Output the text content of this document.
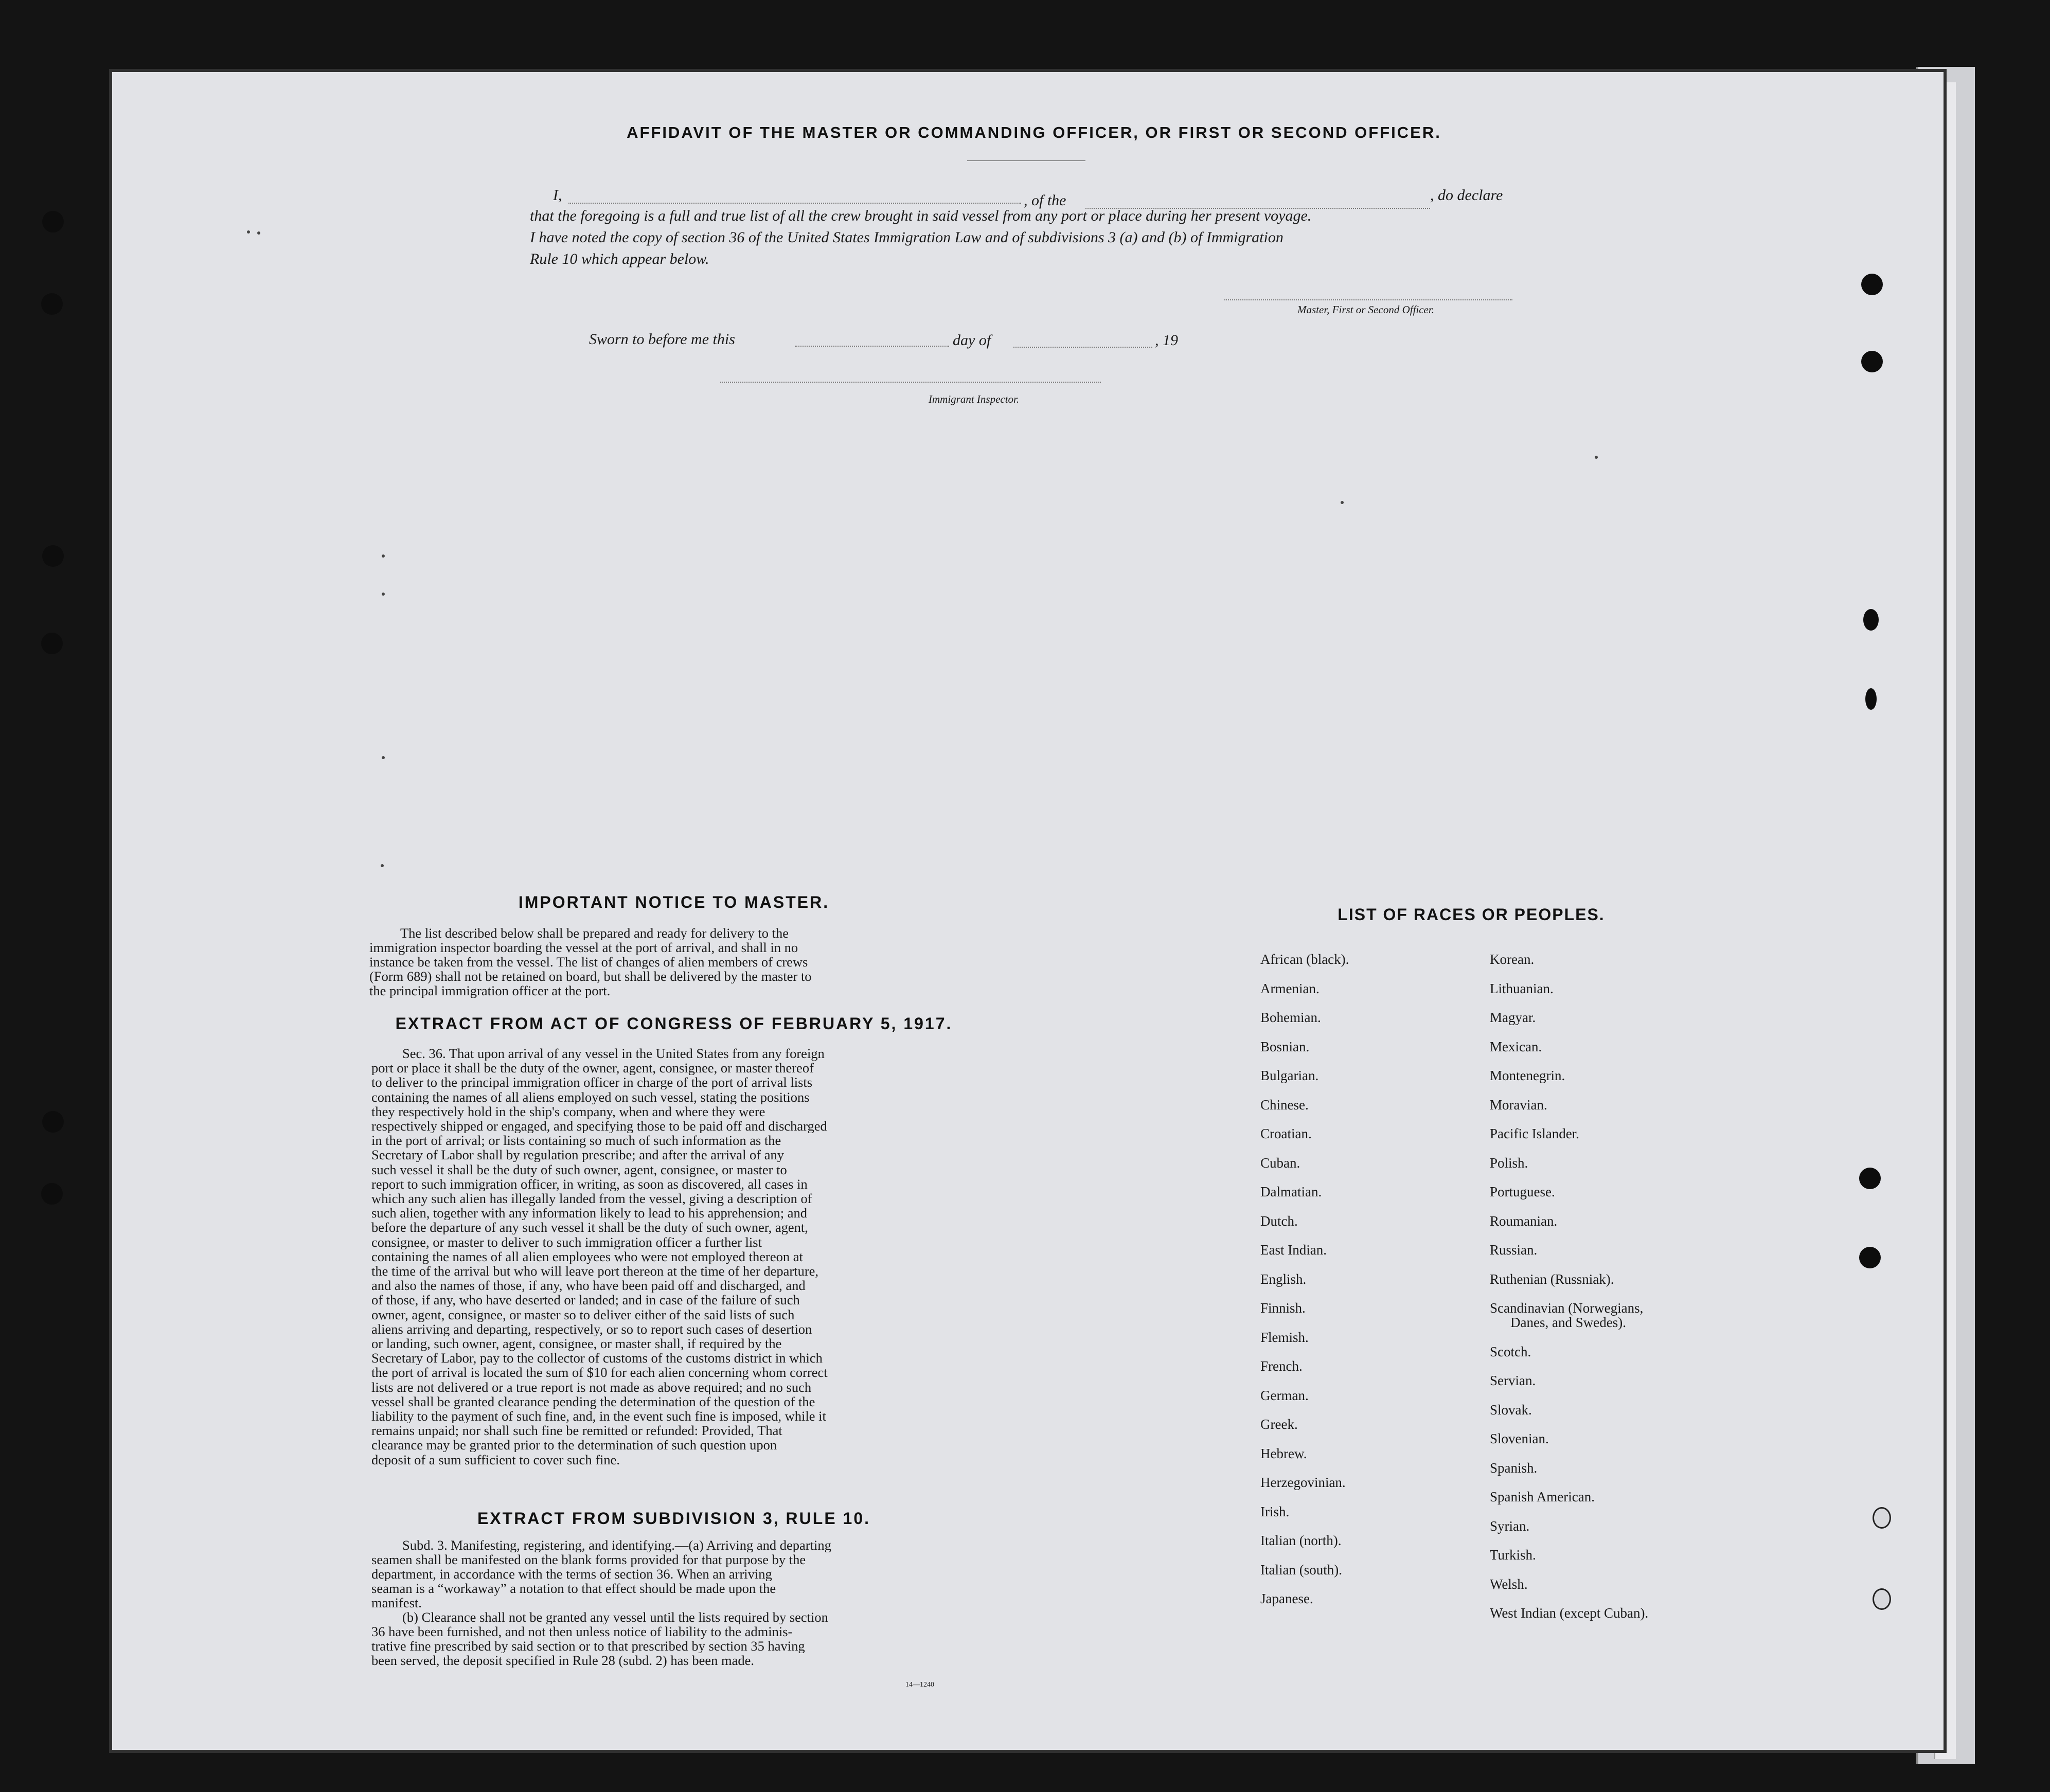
AFFIDAVIT OF THE MASTER OR COMMANDING OFFICER, OR FIRST OR SECOND OFFICER.
I,	, of the	, do declare
that the foregoing is a full and true list of all the crew brought in said vessel from any port or place during her present voyage.
I have noted the copy of section 36 of the United States Immigration Law and of subdivisions 3 (a) and (b) of Immigration
Rule 10 which appear below.
Master, First or Second Officer.
Sworn to before me this	day of	, 19
Immigrant Inspector.
IMPORTANT NOTICE TO MASTER.
The list described below shall be prepared and ready for delivery to the
immigration inspector boarding the vessel at the port of arrival, and shall in no
instance be taken from the vessel. The list of changes of alien members of crews
(Form 689) shall not be retained on board, but shall be delivered by the master to
the principal immigration officer at the port.
EXTRACT FROM ACT OF CONGRESS OF FEBRUARY 5, 1917.
Sec. 36. That upon arrival of any vessel in the United States from any foreign
port or place it shall be the duty of the owner, agent, consignee, or master thereof
to deliver to the principal immigration officer in charge of the port of arrival lists
containing the names of all aliens employed on such vessel, stating the positions
they respectively hold in the ship's company, when and where they were
respectively shipped or engaged, and specifying those to be paid off and discharged
in the port of arrival; or lists containing so much of such information as the
Secretary of Labor shall by regulation prescribe; and after the arrival of any
such vessel it shall be the duty of such owner, agent, consignee, or master to
report to such immigration officer, in writing, as soon as discovered, all cases in
which any such alien has illegally landed from the vessel, giving a description of
such alien, together with any information likely to lead to his apprehension; and
before the departure of any such vessel it shall be the duty of such owner, agent,
consignee, or master to deliver to such immigration officer a further list
containing the names of all alien employees who were not employed thereon at
the time of the arrival but who will leave port thereon at the time of her departure,
and also the names of those, if any, who have been paid off and discharged, and
of those, if any, who have deserted or landed; and in case of the failure of such
owner, agent, consignee, or master so to deliver either of the said lists of such
aliens arriving and departing, respectively, or so to report such cases of desertion
or landing, such owner, agent, consignee, or master shall, if required by the
Secretary of Labor, pay to the collector of customs of the customs district in which
the port of arrival is located the sum of $10 for each alien concerning whom correct
lists are not delivered or a true report is not made as above required; and no such
vessel shall be granted clearance pending the determination of the question of the
liability to the payment of such fine, and, in the event such fine is imposed, while it
remains unpaid; nor shall such fine be remitted or refunded: Provided, That
clearance may be granted prior to the determination of such question upon
deposit of a sum sufficient to cover such fine.
EXTRACT FROM SUBDIVISION 3, RULE 10.
Subd. 3. Manifesting, registering, and identifying.—(a) Arriving and departing
seamen shall be manifested on the blank forms provided for that purpose by the
department, in accordance with the terms of section 36. When an arriving
seaman is a “workaway” a notation to that effect should be made upon the
manifest.
(b) Clearance shall not be granted any vessel until the lists required by section
36 have been furnished, and not then unless notice of liability to the adminis-
trative fine prescribed by said section or to that prescribed by section 35 having
been served, the deposit specified in Rule 28 (subd. 2) has been made.
14—1240
LIST OF RACES OR PEOPLES.
African (black).
Armenian.
Bohemian.
Bosnian.
Bulgarian.
Chinese.
Croatian.
Cuban.
Dalmatian.
Dutch.
East Indian.
English.
Finnish.
Flemish.
French.
German.
Greek.
Hebrew.
Herzegovinian.
Irish.
Italian (north).
Italian (south).
Japanese.
Korean.
Lithuanian.
Magyar.
Mexican.
Montenegrin.
Moravian.
Pacific Islander.
Polish.
Portuguese.
Roumanian.
Russian.
Ruthenian (Russniak).
Scandinavian (Norwegians,
Danes, and Swedes).
Scotch.
Servian.
Slovak.
Slovenian.
Spanish.
Spanish American.
Syrian.
Turkish.
Welsh.
West Indian (except Cuban).
